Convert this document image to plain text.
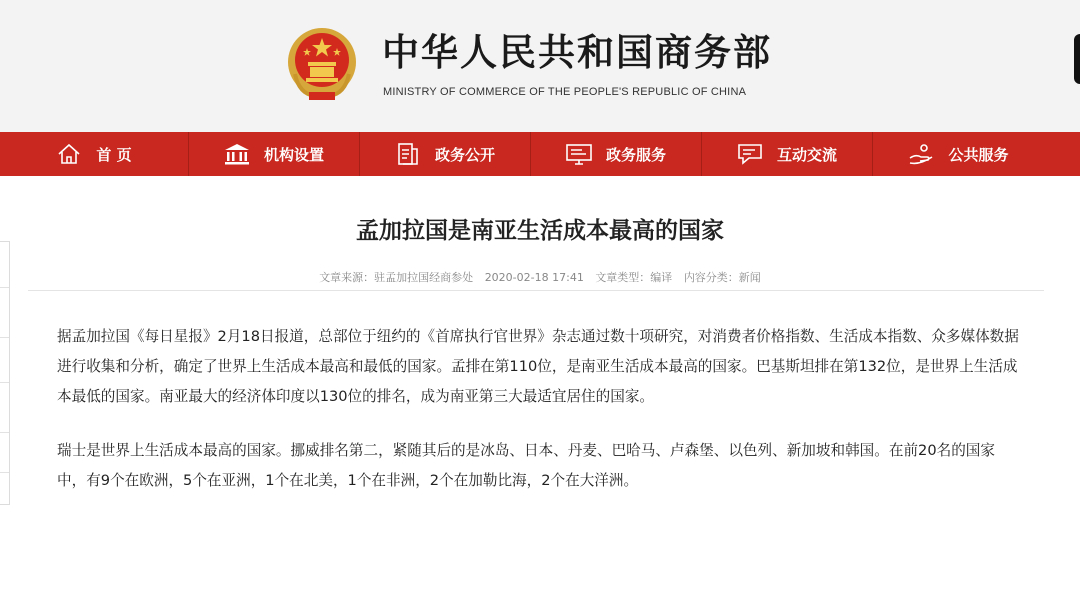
中华人民共和国商务部
MINISTRY OF COMMERCE OF THE PEOPLE'S REPUBLIC OF CHINA
首 页	机构设置	政务公开	政务服务	互动交流	公共服务
孟加拉国是南亚生活成本最高的国家
文章来源：驻孟加拉国经商参处 2020-02-18 17:41 文章类型：编译 内容分类：新闻

据孟加拉国《每日星报》2月18日报道，总部位于纽约的《首席执行官世界》杂志通过数十项研究，对消费者价格指数、生活成本指数、众多媒体数据进行收集和分析，确定了世界上生活成本最高和最低的国家。孟排在第110位，是南亚生活成本最高的国家。巴基斯坦排在第132位，是世界上生活成本最低的国家。南亚最大的经济体印度以130位的排名，成为南亚第三大最适宜居住的国家。

瑞士是世界上生活成本最高的国家。挪威排名第二，紧随其后的是冰岛、日本、丹麦、巴哈马、卢森堡、以色列、新加坡和韩国。在前20名的国家中，有9个在欧洲，5个在亚洲，1个在北美，1个在非洲，2个在加勒比海，2个在大洋洲。
